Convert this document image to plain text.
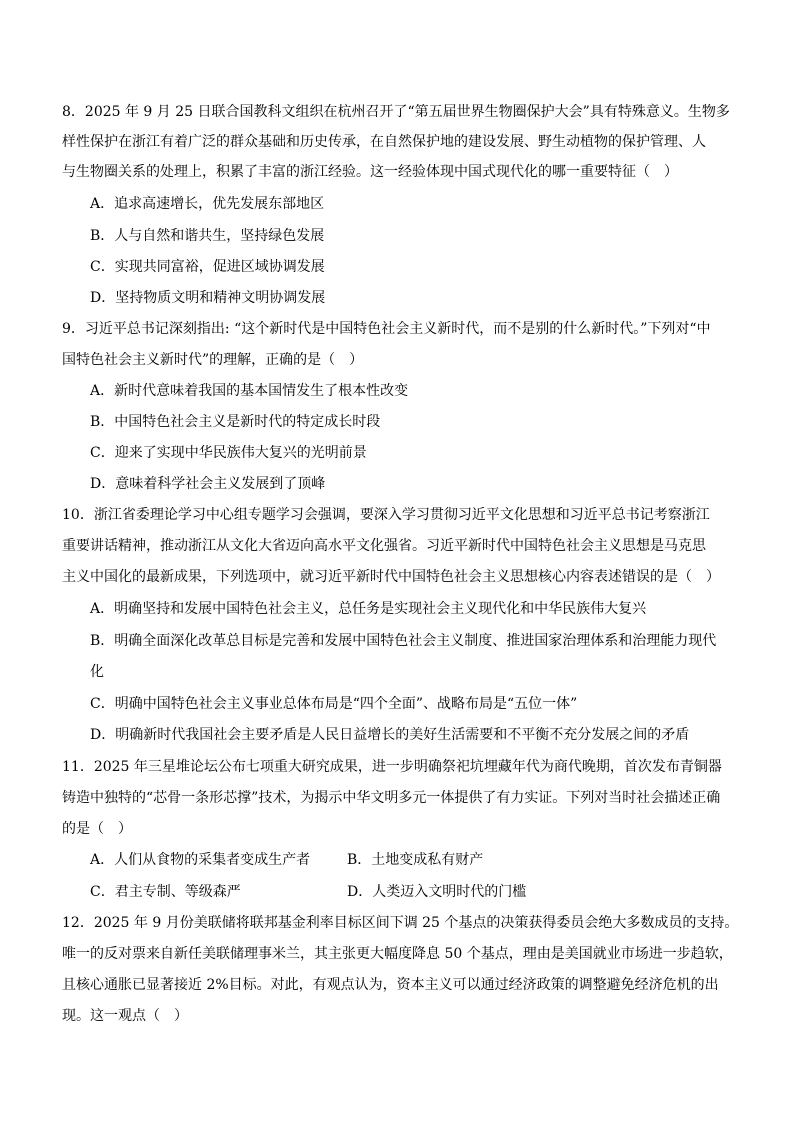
8．2025 年 9 月 25 日联合国教科文组织在杭州召开了“第五届世界生物圈保护大会”具有特殊意义。生物多
样性保护在浙江有着广泛的群众基础和历史传承，在自然保护地的建设发展、野生动植物的保护管理、人
与生物圈关系的处理上，积累了丰富的浙江经验。这一经验体现中国式现代化的哪一重要特征（　）
A．追求高速增长，优先发展东部地区
B．人与自然和谐共生，坚持绿色发展
C．实现共同富裕，促进区域协调发展
D．坚持物质文明和精神文明协调发展
9．习近平总书记深刻指出: “这个新时代是中国特色社会主义新时代，而不是别的什么新时代。”下列对“中
国特色社会主义新时代”的理解，正确的是（　）
A．新时代意味着我国的基本国情发生了根本性改变
B．中国特色社会主义是新时代的特定成长时段
C．迎来了实现中华民族伟大复兴的光明前景
D．意味着科学社会主义发展到了顶峰
10．浙江省委理论学习中心组专题学习会强调，要深入学习贯彻习近平文化思想和习近平总书记考察浙江
重要讲话精神，推动浙江从文化大省迈向高水平文化强省。习近平新时代中国特色社会主义思想是马克思
主义中国化的最新成果，下列选项中，就习近平新时代中国特色社会主义思想核心内容表述错误的是（　）
A．明确坚持和发展中国特色社会主义，总任务是实现社会主义现代化和中华民族伟大复兴
B．明确全面深化改革总目标是完善和发展中国特色社会主义制度、推进国家治理体系和治理能力现代
化
C．明确中国特色社会主义事业总体布局是“四个全面”、战略布局是“五位一体”
D．明确新时代我国社会主要矛盾是人民日益增长的美好生活需要和不平衡不充分发展之间的矛盾
11．2025 年三星堆论坛公布七项重大研究成果，进一步明确祭祀坑埋藏年代为商代晚期，首次发布青铜器
铸造中独特的“芯骨一条形芯撑”技术，为揭示中华文明多元一体提供了有力实证。下列对当时社会描述正确
的是（　）
A．人们从食物的采集者变成生产者	B．土地变成私有财产
C．君主专制、等级森严	D．人类迈入文明时代的门槛
12．2025 年 9 月份美联储将联邦基金利率目标区间下调 25 个基点的决策获得委员会绝大多数成员的支持。
唯一的反对票来自新任美联储理事米兰，其主张更大幅度降息 50 个基点，理由是美国就业市场进一步趋软，
且核心通胀已显著接近 2%目标。对此，有观点认为，资本主义可以通过经济政策的调整避免经济危机的出
现。这一观点（　）
